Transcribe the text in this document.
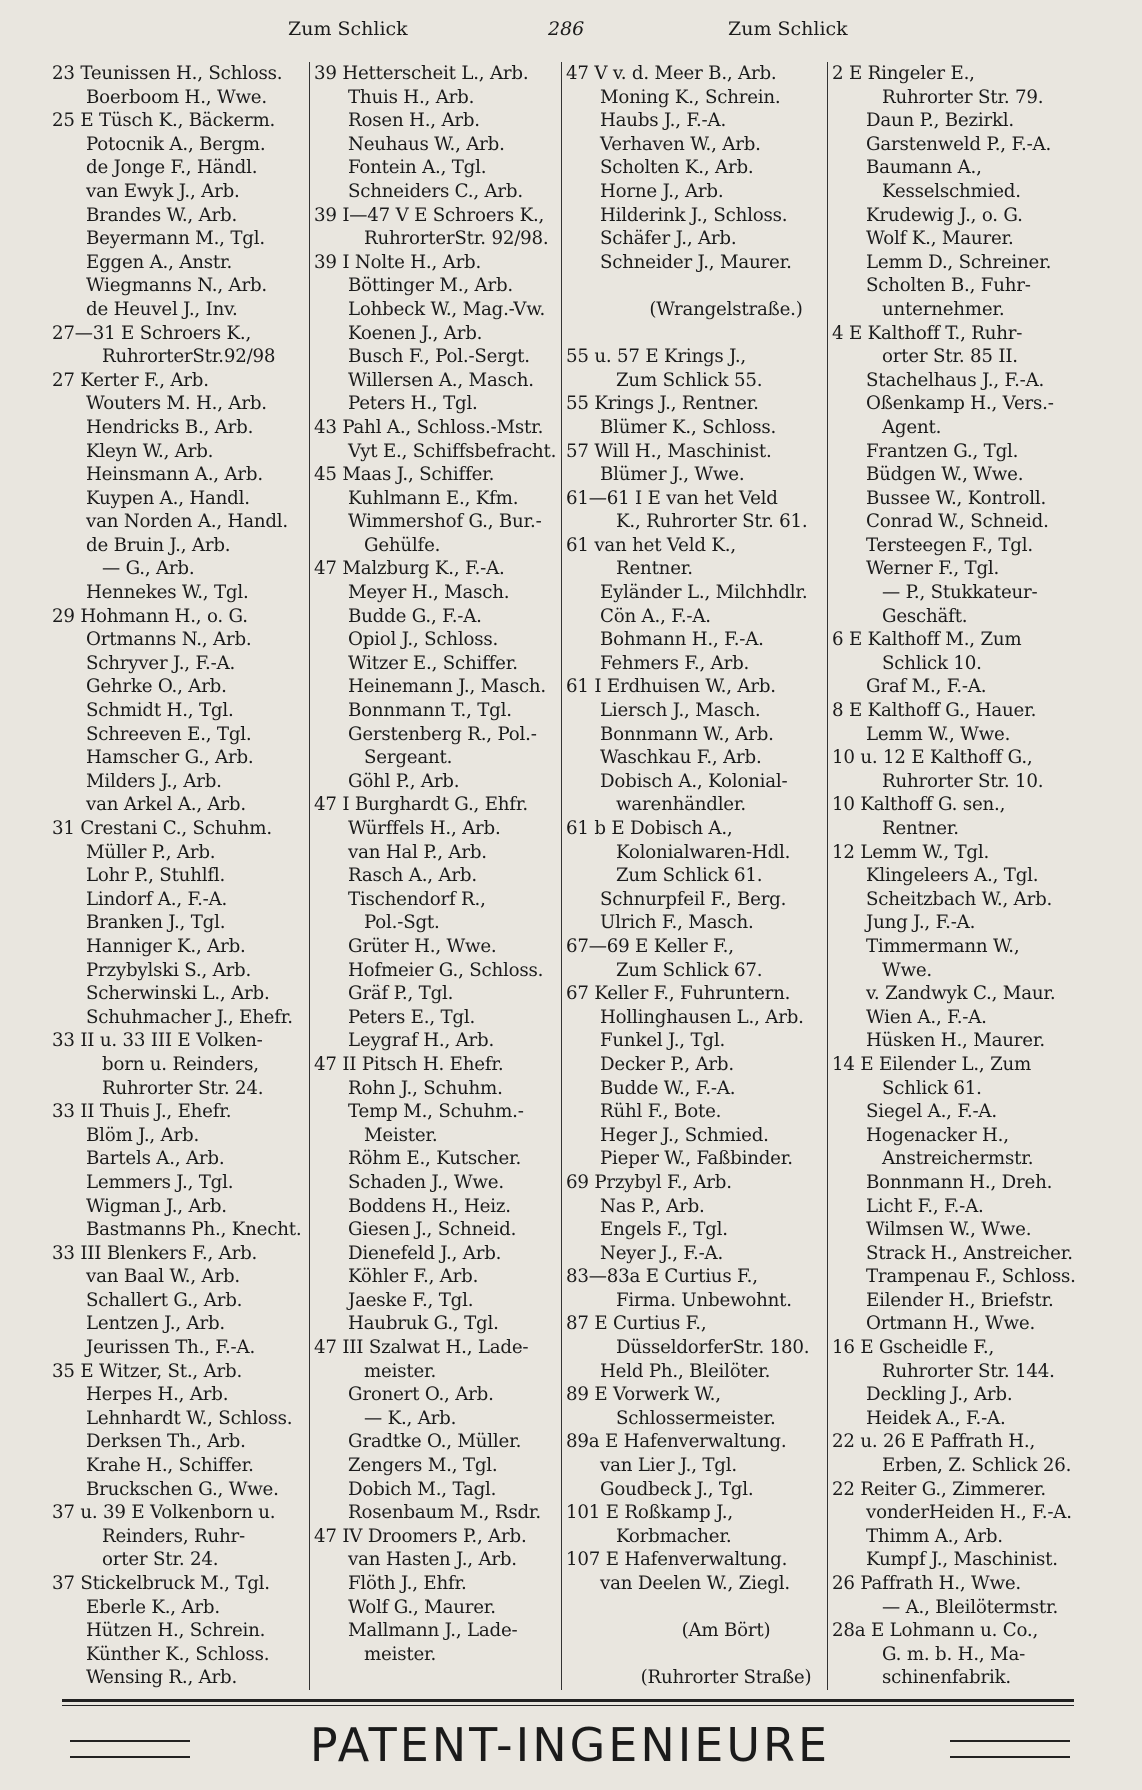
Zum Schlick	286	Zum Schlick
23 Teunissen H., Schloss.
Boerboom H., Wwe.
25 E Tüsch K., Bäckerm.
Potocnik A., Bergm.
de Jonge F., Händl.
van Ewyk J., Arb.
Brandes W., Arb.
Beyermann M., Tgl.
Eggen A., Anstr.
Wiegmanns N., Arb.
de Heuvel J., Inv.
27—31 E Schroers K.,
RuhrorterStr.92/98
27 Kerter F., Arb.
Wouters M. H., Arb.
Hendricks B., Arb.
Kleyn W., Arb.
Heinsmann A., Arb.
Kuypen A., Handl.
van Norden A., Handl.
de Bruin J., Arb.
— G., Arb.
Hennekes W., Tgl.
29 Hohmann H., o. G.
Ortmanns N., Arb.
Schryver J., F.-A.
Gehrke O., Arb.
Schmidt H., Tgl.
Schreeven E., Tgl.
Hamscher G., Arb.
Milders J., Arb.
van Arkel A., Arb.
31 Crestani C., Schuhm.
Müller P., Arb.
Lohr P., Stuhlfl.
Lindorf A., F.-A.
Branken J., Tgl.
Hanniger K., Arb.
Przybylski S., Arb.
Scherwinski L., Arb.
Schuhmacher J., Ehefr.
33 II u. 33 III E Volken-
born u. Reinders,
Ruhrorter Str. 24.
33 II Thuis J., Ehefr.
Blöm J., Arb.
Bartels A., Arb.
Lemmers J., Tgl.
Wigman J., Arb.
Bastmanns Ph., Knecht.
33 III Blenkers F., Arb.
van Baal W., Arb.
Schallert G., Arb.
Lentzen J., Arb.
Jeurissen Th., F.-A.
35 E Witzer, St., Arb.
Herpes H., Arb.
Lehnhardt W., Schloss.
Derksen Th., Arb.
Krahe H., Schiffer.
Bruckschen G., Wwe.
37 u. 39 E Volkenborn u.
Reinders, Ruhr-
orter Str. 24.
37 Stickelbruck M., Tgl.
Eberle K., Arb.
Hützen H., Schrein.
Künther K., Schloss.
Wensing R., Arb.
39 Hetterscheit L., Arb.
Thuis H., Arb.
Rosen H., Arb.
Neuhaus W., Arb.
Fontein A., Tgl.
Schneiders C., Arb.
39 I—47 V E Schroers K.,
RuhrorterStr. 92/98.
39 I Nolte H., Arb.
Böttinger M., Arb.
Lohbeck W., Mag.-Vw.
Koenen J., Arb.
Busch F., Pol.-Sergt.
Willersen A., Masch.
Peters H., Tgl.
43 Pahl A., Schloss.-Mstr.
Vyt E., Schiffsbefracht.
45 Maas J., Schiffer.
Kuhlmann E., Kfm.
Wimmershof G., Bur.-
Gehülfe.
47 Malzburg K., F.-A.
Meyer H., Masch.
Budde G., F.-A.
Opiol J., Schloss.
Witzer E., Schiffer.
Heinemann J., Masch.
Bonnmann T., Tgl.
Gerstenberg R., Pol.-
Sergeant.
Göhl P., Arb.
47 I Burghardt G., Ehfr.
Würffels H., Arb.
van Hal P., Arb.
Rasch A., Arb.
Tischendorf R.,
Pol.-Sgt.
Grüter H., Wwe.
Hofmeier G., Schloss.
Gräf P., Tgl.
Peters E., Tgl.
Leygraf H., Arb.
47 II Pitsch H. Ehefr.
Rohn J., Schuhm.
Temp M., Schuhm.-
Meister.
Röhm E., Kutscher.
Schaden J., Wwe.
Boddens H., Heiz.
Giesen J., Schneid.
Dienefeld J., Arb.
Köhler F., Arb.
Jaeske F., Tgl.
Haubruk G., Tgl.
47 III Szalwat H., Lade-
meister.
Gronert O., Arb.
— K., Arb.
Gradtke O., Müller.
Zengers M., Tgl.
Dobich M., Tagl.
Rosenbaum M., Rsdr.
47 IV Droomers P., Arb.
van Hasten J., Arb.
Flöth J., Ehfr.
Wolf G., Maurer.
Mallmann J., Lade-
meister.
47 V v. d. Meer B., Arb.
Moning K., Schrein.
Haubs J., F.-A.
Verhaven W., Arb.
Scholten K., Arb.
Horne J., Arb.
Hilderink J., Schloss.
Schäfer J., Arb.
Schneider J., Maurer.
(Wrangelstraße.)
55 u. 57 E Krings J.,
Zum Schlick 55.
55 Krings J., Rentner.
Blümer K., Schloss.
57 Will H., Maschinist.
Blümer J., Wwe.
61—61 I E van het Veld
K., Ruhrorter Str. 61.
61 van het Veld K.,
Rentner.
Eyländer L., Milchhdlr.
Cön A., F.-A.
Bohmann H., F.-A.
Fehmers F., Arb.
61 I Erdhuisen W., Arb.
Liersch J., Masch.
Bonnmann W., Arb.
Waschkau F., Arb.
Dobisch A., Kolonial-
warenhändler.
61 b E Dobisch A.,
Kolonialwaren-Hdl.
Zum Schlick 61.
Schnurpfeil F., Berg.
Ulrich F., Masch.
67—69 E Keller F.,
Zum Schlick 67.
67 Keller F., Fuhruntern.
Hollinghausen L., Arb.
Funkel J., Tgl.
Decker P., Arb.
Budde W., F.-A.
Rühl F., Bote.
Heger J., Schmied.
Pieper W., Faßbinder.
69 Przybyl F., Arb.
Nas P., Arb.
Engels F., Tgl.
Neyer J., F.-A.
83—83a E Curtius F.,
Firma. Unbewohnt.
87 E Curtius F.,
DüsseldorferStr. 180.
Held Ph., Bleilöter.
89 E Vorwerk W.,
Schlossermeister.
89a E Hafenverwaltung.
van Lier J., Tgl.
Goudbeck J., Tgl.
101 E Roßkamp J.,
Korbmacher.
107 E Hafenverwaltung.
van Deelen W., Ziegl.
(Am Bört)
(Ruhrorter Straße)
2 E Ringeler E.,
Ruhrorter Str. 79.
Daun P., Bezirkl.
Garstenweld P., F.-A.
Baumann A.,
Kesselschmied.
Krudewig J., o. G.
Wolf K., Maurer.
Lemm D., Schreiner.
Scholten B., Fuhr-
unternehmer.
4 E Kalthoff T., Ruhr-
orter Str. 85 II.
Stachelhaus J., F.-A.
Oßenkamp H., Vers.-
Agent.
Frantzen G., Tgl.
Büdgen W., Wwe.
Bussee W., Kontroll.
Conrad W., Schneid.
Tersteegen F., Tgl.
Werner F., Tgl.
— P., Stukkateur-
Geschäft.
6 E Kalthoff M., Zum
Schlick 10.
Graf M., F.-A.
8 E Kalthoff G., Hauer.
Lemm W., Wwe.
10 u. 12 E Kalthoff G.,
Ruhrorter Str. 10.
10 Kalthoff G. sen.,
Rentner.
12 Lemm W., Tgl.
Klingeleers A., Tgl.
Scheitzbach W., Arb.
Jung J., F.-A.
Timmermann W.,
Wwe.
v. Zandwyk C., Maur.
Wien A., F.-A.
Hüsken H., Maurer.
14 E Eilender L., Zum
Schlick 61.
Siegel A., F.-A.
Hogenacker H.,
Anstreichermstr.
Bonnmann H., Dreh.
Licht F., F.-A.
Wilmsen W., Wwe.
Strack H., Anstreicher.
Trampenau F., Schloss.
Eilender H., Briefstr.
Ortmann H., Wwe.
16 E Gscheidle F.,
Ruhrorter Str. 144.
Deckling J., Arb.
Heidek A., F.-A.
22 u. 26 E Paffrath H.,
Erben, Z. Schlick 26.
22 Reiter G., Zimmerer.
vonderHeiden H., F.-A.
Thimm A., Arb.
Kumpf J., Maschinist.
26 Paffrath H., Wwe.
— A., Bleilötermstr.
28a E Lohmann u. Co.,
G. m. b. H., Ma-
schinenfabrik.
PATENT-INGENIEURE
